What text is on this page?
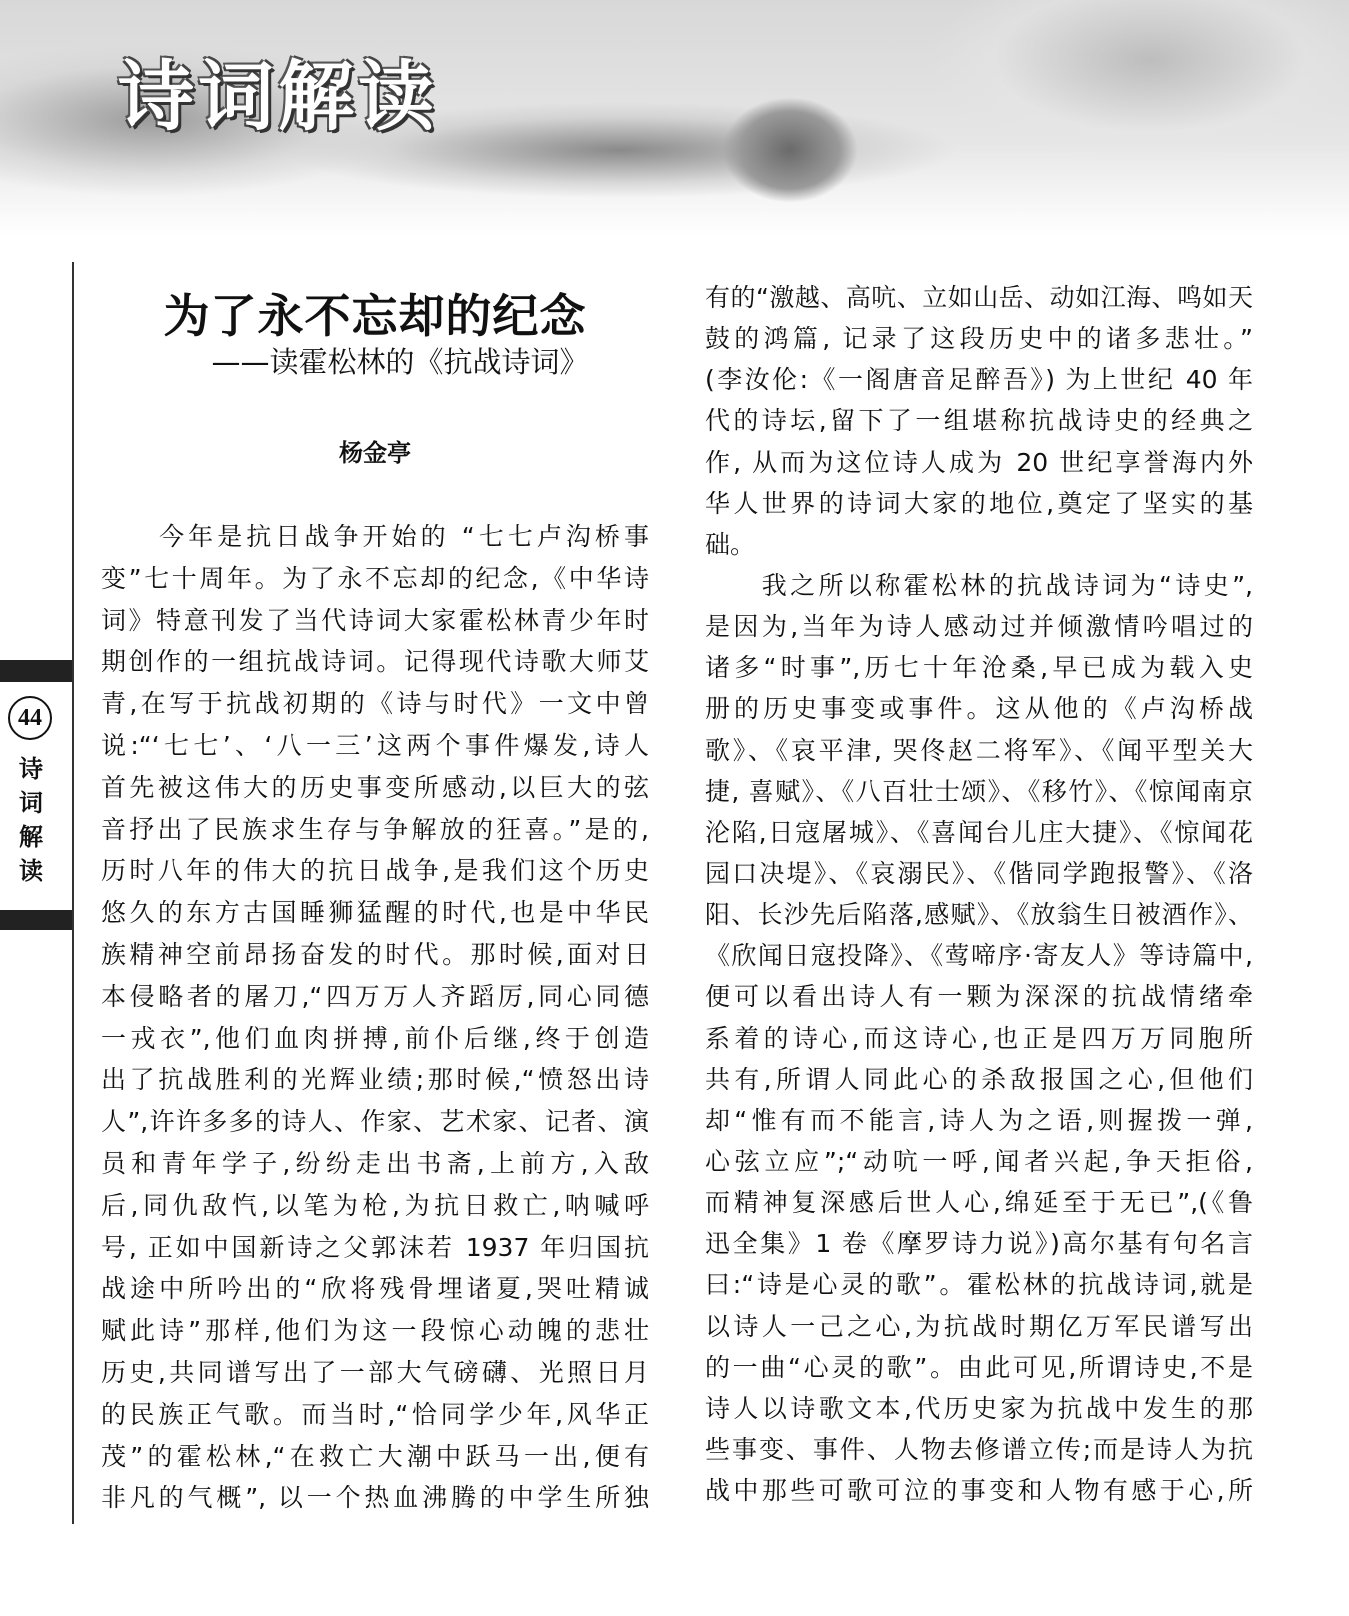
诗词解读
44
诗词解读
为了永不忘却的纪念
——读霍松林的《抗战诗词》
杨金亭
　　今年是抗日战争开始的 “七七卢沟桥事
变”七十周年。为了永不忘却的纪念,《中华诗
词》特意刊发了当代诗词大家霍松林青少年时
期创作的一组抗战诗词。记得现代诗歌大师艾
青,在写于抗战初期的《诗与时代》一文中曾
说:“‘七七’、‘八一三’这两个事件爆发,诗人
首先被这伟大的历史事变所感动,以巨大的弦
音抒出了民族求生存与争解放的狂喜。”是的,
历时八年的伟大的抗日战争,是我们这个历史
悠久的东方古国睡狮猛醒的时代,也是中华民
族精神空前昂扬奋发的时代。那时候,面对日
本侵略者的屠刀,“四万万人齐蹈厉,同心同德
一戎衣”,他们血肉拼搏,前仆后继,终于创造
出了抗战胜利的光辉业绩;那时候,“愤怒出诗
人”,许许多多的诗人、作家、艺术家、记者、演
员和青年学子,纷纷走出书斋,上前方,入敌
后,同仇敌忾,以笔为枪,为抗日救亡,呐喊呼
号, 正如中国新诗之父郭沫若 1937 年归国抗
战途中所吟出的“欣将残骨埋诸夏,哭吐精诚
赋此诗”那样,他们为这一段惊心动魄的悲壮
历史,共同谱写出了一部大气磅礴、光照日月
的民族正气歌。而当时,“恰同学少年,风华正
茂”的霍松林,“在救亡大潮中跃马一出,便有
非凡的气概”, 以一个热血沸腾的中学生所独
有的“激越、高吭、立如山岳、动如江海、鸣如天
鼓的鸿篇, 记录了这段历史中的诸多悲壮。”
(李汝伦:《一阁唐音足醉吾》) 为上世纪 40 年
代的诗坛,留下了一组堪称抗战诗史的经典之
作, 从而为这位诗人成为 20 世纪享誉海内外
华人世界的诗词大家的地位,奠定了坚实的基
础。
　　我之所以称霍松林的抗战诗词为“诗史”,
是因为,当年为诗人感动过并倾激情吟唱过的
诸多“时事”,历七十年沧桑,早已成为载入史
册的历史事变或事件。这从他的《卢沟桥战
歌》、《哀平津, 哭佟赵二将军》、《闻平型关大
捷, 喜赋》、《八百壮士颂》、《移竹》、《惊闻南京
沦陷,日寇屠城》、《喜闻台儿庄大捷》、《惊闻花
园口决堤》、《哀溺民》、《偕同学跑报警》、《洛
阳、长沙先后陷落,感赋》、《放翁生日被酒作》、
《欣闻日寇投降》、《莺啼序·寄友人》等诗篇中,
便可以看出诗人有一颗为深深的抗战情绪牵
系着的诗心,而这诗心,也正是四万万同胞所
共有,所谓人同此心的杀敌报国之心,但他们
却“惟有而不能言,诗人为之语,则握拨一弹,
心弦立应”;“动吭一呼,闻者兴起,争天拒俗,
而精神复深感后世人心,绵延至于无已”,(《鲁
迅全集》1 卷《摩罗诗力说》)高尔基有句名言
曰:“诗是心灵的歌”。霍松林的抗战诗词,就是
以诗人一己之心,为抗战时期亿万军民谱写出
的一曲“心灵的歌”。由此可见,所谓诗史,不是
诗人以诗歌文本,代历史家为抗战中发生的那
些事变、事件、人物去修谱立传;而是诗人为抗
战中那些可歌可泣的事变和人物有感于心,所
